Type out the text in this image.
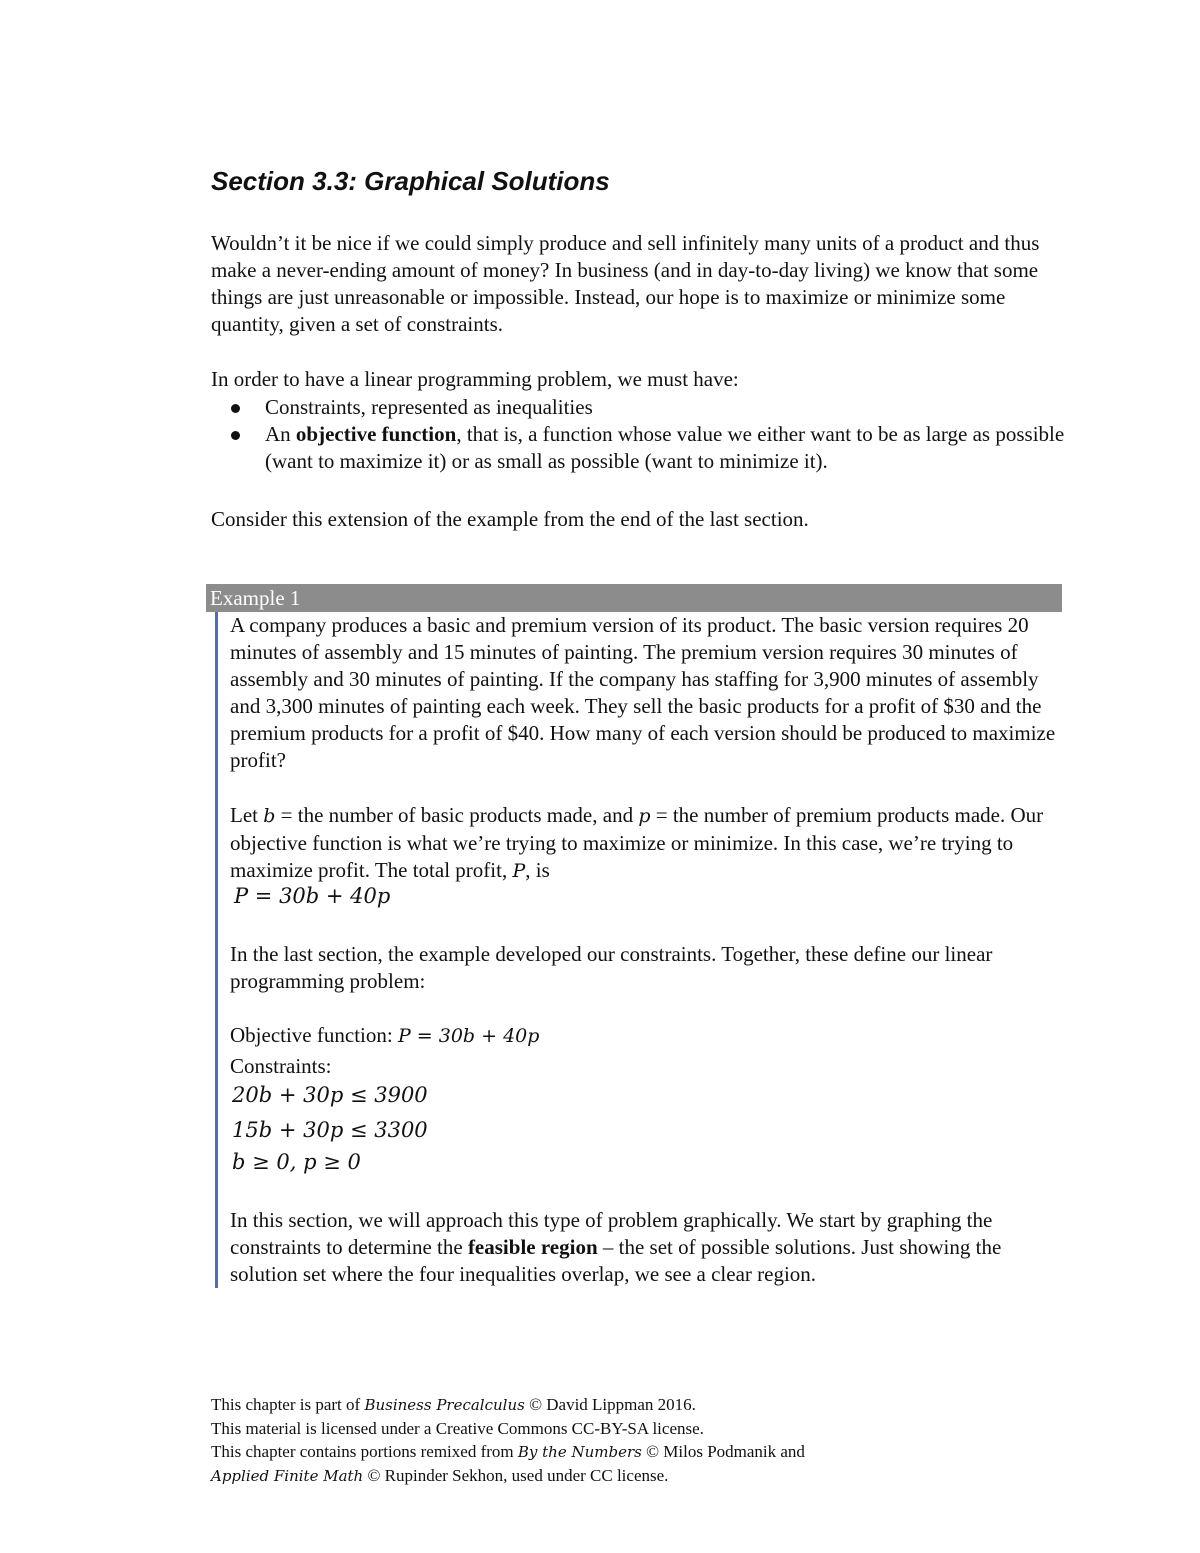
Section 3.3: Graphical Solutions

Wouldn’t it be nice if we could simply produce and sell infinitely many units of a product and thus make a never-ending amount of money? In business (and in day-to-day living) we know that some things are just unreasonable or impossible. Instead, our hope is to maximize or minimize some quantity, given a set of constraints.

In order to have a linear programming problem, we must have:

Constraints, represented as inequalities
An objective function, that is, a function whose value we either want to be as large as possible (want to maximize it) or as small as possible (want to minimize it).

Consider this extension of the example from the end of the last section.

Example 1

A company produces a basic and premium version of its product. The basic version requires 20 minutes of assembly and 15 minutes of painting. The premium version requires 30 minutes of assembly and 30 minutes of painting. If the company has staffing for 3,900 minutes of assembly and 3,300 minutes of painting each week. They sell the basic products for a profit of $30 and the premium products for a profit of $40. How many of each version should be produced to maximize profit?

Let b = the number of basic products made, and p = the number of premium products made. Our objective function is what we’re trying to maximize or minimize. In this case, we’re trying to maximize profit. The total profit, P, is

P = 30b + 40p

In the last section, the example developed our constraints. Together, these define our linear programming problem:

Objective function: P = 30b + 40p
Constraints:
20b + 30p ≤ 3900
15b + 30p ≤ 3300
b ≥ 0, p ≥ 0

In this section, we will approach this type of problem graphically. We start by graphing the constraints to determine the feasible region – the set of possible solutions. Just showing the solution set where the four inequalities overlap, we see a clear region.

This chapter is part of Business Precalculus © David Lippman 2016.
This material is licensed under a Creative Commons CC-BY-SA license.
This chapter contains portions remixed from By the Numbers © Milos Podmanik and
Applied Finite Math © Rupinder Sekhon, used under CC license.
